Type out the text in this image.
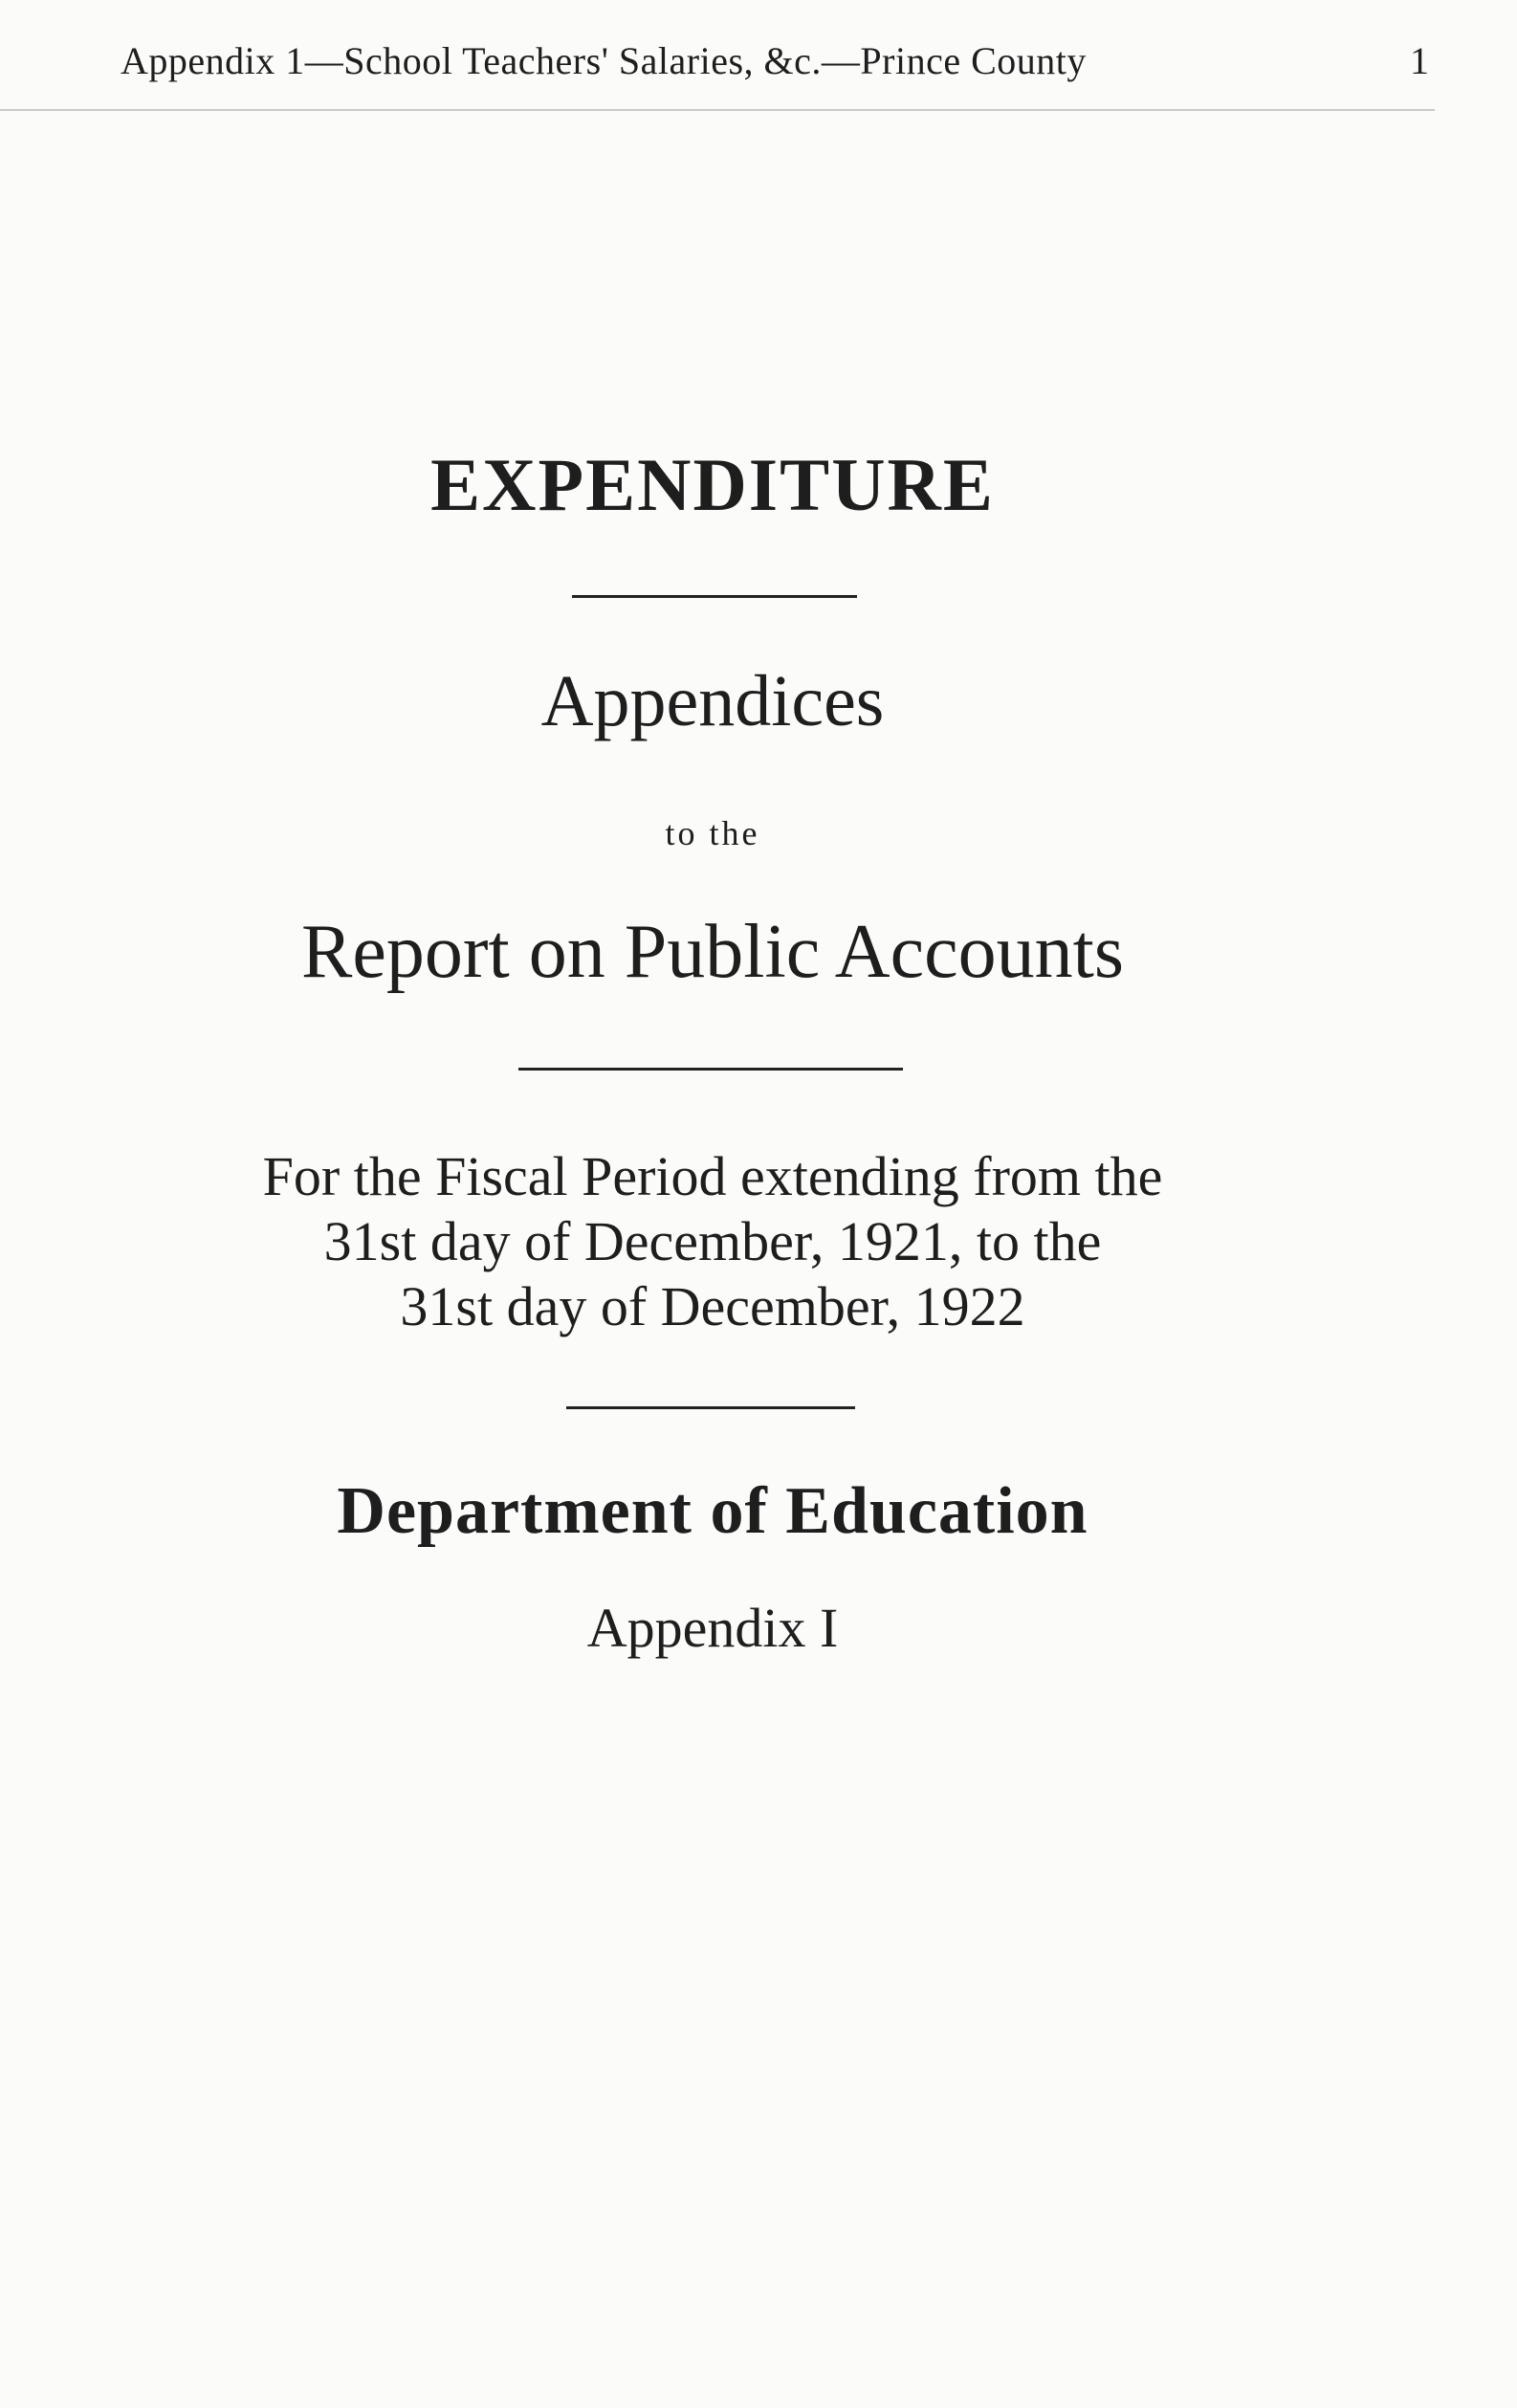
Appendix 1—School Teachers' Salaries, &c.—Prince County	1
EXPENDITURE
Appendices
to the
Report on Public Accounts
For the Fiscal Period extending from the
31st day of December, 1921, to the
31st day of December, 1922
Department of Education
Appendix I
